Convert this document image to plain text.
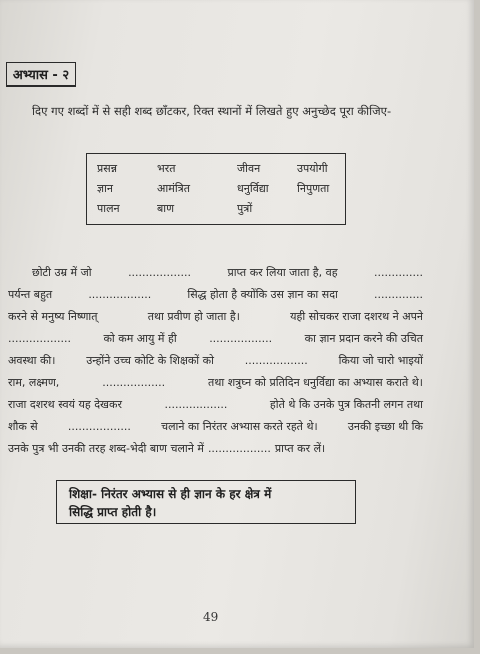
अभ्यास - २
दिए गए शब्दों में से सही शब्द छाँटकर, रिक्त स्थानों में लिखते हुए अनुच्छेद पूरा कीजिए-
प्रसन्न	भरत	जीवन	उपयोगी
ज्ञान	आमंत्रित	धनुर्विद्या	निपुणता
पालन	बाण	पुत्रों	
छोटी उम्र में जो	..................	प्राप्त कर लिया जाता है, वह	..............
पर्यन्त बहुत	..................	सिद्ध होता है क्योंकि उस ज्ञान का सदा	..............
करने से मनुष्य निष्णात्	तथा प्रवीण हो जाता है।	यही सोचकर राजा दशरथ ने अपने
..................	को कम आयु में ही	..................	का ज्ञान प्रदान करने की उचित
अवस्था की।	उन्होंने उच्च कोटि के शिक्षकों को	..................	किया जो चारो भाइयों
राम, लक्ष्मण,	..................	तथा शत्रुघ्न को प्रतिदिन धनुर्विद्या का अभ्यास कराते थे।
राजा दशरथ स्वयं यह देखकर	..................	होते थे कि उनके पुत्र कितनी लगन तथा
शौक से	..................	चलाने का निरंतर अभ्यास करते रहते थे।	उनकी इच्छा थी कि
उनके पुत्र भी उनकी तरह शब्द-भेदी बाण चलाने में .................. प्राप्त कर लें।
शिक्षा- निरंतर अभ्यास से ही ज्ञान के हर क्षेत्र में
सिद्धि प्राप्त होती है।
49
